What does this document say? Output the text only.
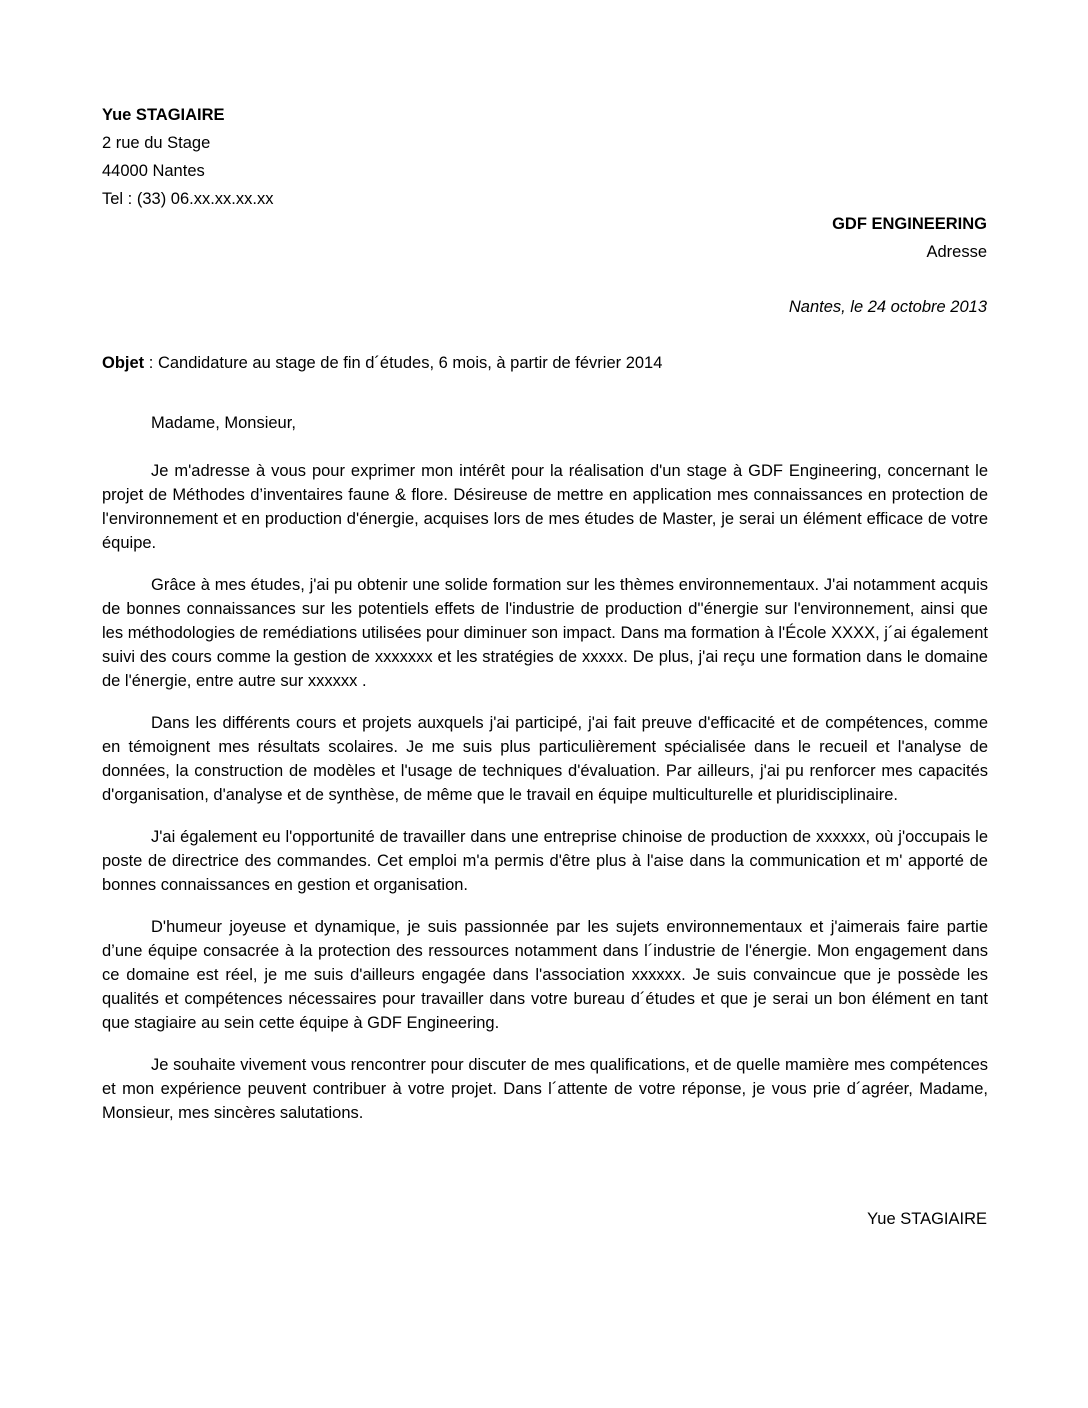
Yue STAGIAIRE
2 rue du Stage
44000 Nantes
Tel : (33) 06.xx.xx.xx.xx
GDF ENGINEERING
Adresse
Nantes, le 24 octobre 2013
Objet : Candidature au stage de fin d´études, 6 mois, à partir de février 2014
Madame, Monsieur,

Je m'adresse à vous pour exprimer mon intérêt pour la réalisation d'un stage à GDF Engineering, concernant le projet de Méthodes d’inventaires faune & flore. Désireuse de mettre en application mes connaissances en protection de l'environnement et en production d'énergie, acquises lors de mes études de Master, je serai un élément efficace de votre équipe.

Grâce à mes études, j'ai pu obtenir une solide formation sur les thèmes environnementaux. J'ai notamment acquis de bonnes connaissances sur les potentiels effets de l'industrie de production d''énergie sur l'environnement, ainsi que les méthodologies de remédiations utilisées pour diminuer son impact. Dans ma formation à l'École XXXX, j´ai également suivi des cours comme la gestion de xxxxxxx et les stratégies de xxxxx. De plus, j'ai reçu une formation dans le domaine de l'énergie, entre autre sur xxxxxx .

Dans les différents cours et projets auxquels j'ai participé, j'ai fait preuve d'efficacité et de compétences, comme en témoignent mes résultats scolaires. Je me suis plus particulièrement spécialisée dans le recueil et l'analyse de données, la construction de modèles et l'usage de techniques d'évaluation. Par ailleurs, j'ai pu renforcer mes capacités d'organisation, d'analyse et de synthèse, de même que le travail en équipe multiculturelle et pluridisciplinaire.

J'ai également eu l'opportunité de travailler dans une entreprise chinoise de production de xxxxxx, où j'occupais le poste de directrice des commandes. Cet emploi m'a permis d'être plus à l'aise dans la communication et m' apporté de bonnes connaissances en gestion et organisation.

D'humeur joyeuse et dynamique, je suis passionnée par les sujets environnementaux et j'aimerais faire partie d’une équipe consacrée à la protection des ressources notamment dans l´industrie de l'énergie. Mon engagement dans ce domaine est réel, je me suis d'ailleurs engagée dans l'association xxxxxx. Je suis convaincue que je possède les qualités et compétences nécessaires pour travailler dans votre bureau d´études et que je serai un bon élément en tant que stagiaire au sein cette équipe à GDF Engineering.

Je souhaite vivement vous rencontrer pour discuter de mes qualifications, et de quelle mamière mes compétences et mon expérience peuvent contribuer à votre projet. Dans l´attente de votre réponse, je vous prie d´agréer, Madame, Monsieur, mes sincères salutations.

Yue STAGIAIRE
